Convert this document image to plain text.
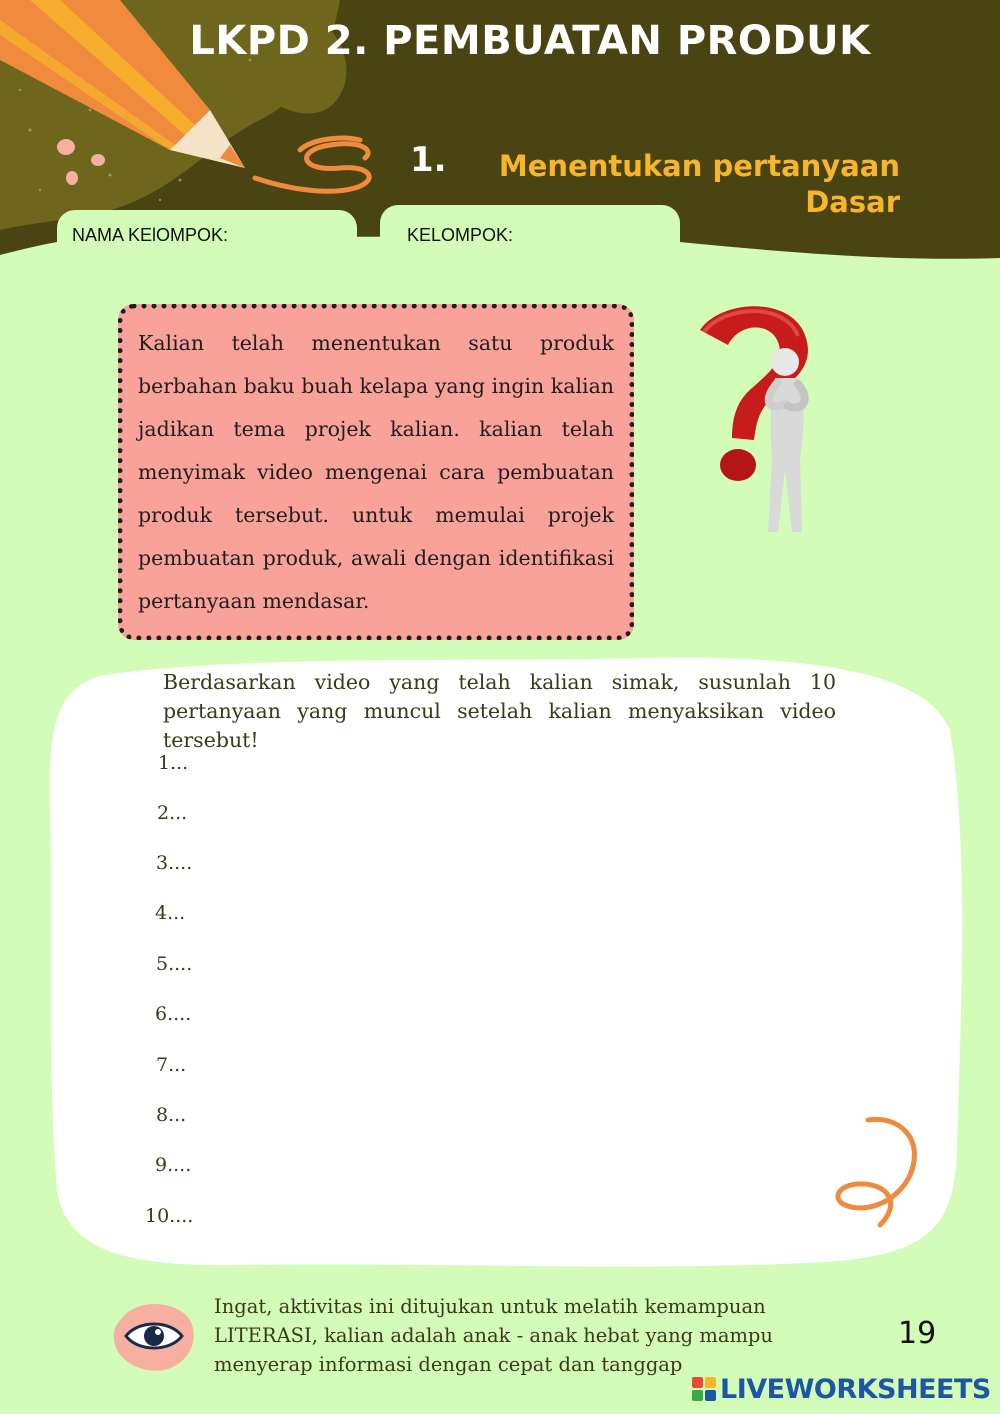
LKPD 2. PEMBUATAN PRODUK
1.	Menentukan pertanyaan
Dasar
NAMA KElOMPOK:	KELOMPOK:
Kalian telah menentukan satu produk berbahan baku buah kelapa yang ingin kalian jadikan tema projek kalian. kalian telah menyimak video mengenai cara pembuatan produk tersebut. untuk memulai projek pembuatan produk, awali dengan identifikasi pertanyaan mendasar.
Berdasarkan video yang telah kalian simak, susunlah 10 pertanyaan yang muncul setelah kalian menyaksikan video tersebut!
1...
2...
3....
4...
5....
6....
7...
8...
9....
10....
Ingat, aktivitas ini ditujukan untuk melatih kemampuan LITERASI, kalian adalah anak - anak hebat yang mampu menyerap informasi dengan cepat dan tanggap
19
LIVEWORKSHEETS
